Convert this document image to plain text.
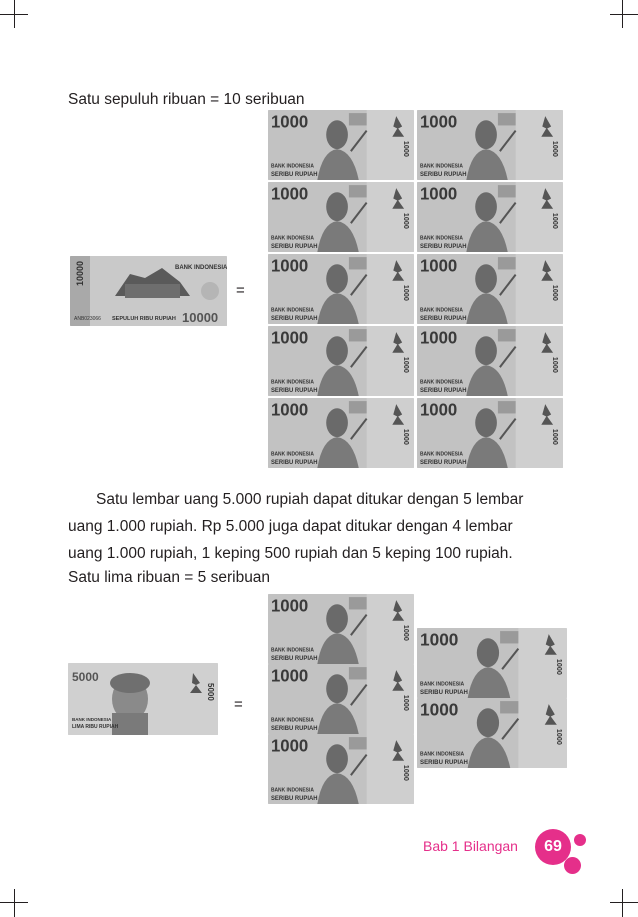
Satu sepuluh ribuan = 10 seribuan
10000	BANK INDONESIA
ANB023066 SEPULUH RIBU RUPIAH 10000
=

Satu lembar uang 5.000 rupiah dapat ditukar dengan 5 lembar

uang 1.000 rupiah. Rp 5.000 juga dapat ditukar dengan 4 lembar

uang 1.000 rupiah, 1 keping 500 rupiah dan 5 keping 100 rupiah.

Satu lima ribuan = 5 seribuan
5000
BANK INDONESIA
LIMA RIBU RUPIAH
5000
=
Bab 1 Bilangan	69
1000
BANK INDONESIA
SERIBU RUPIAH
1000
1000
BANK INDONESIA
SERIBU RUPIAH
1000
1000
BANK INDONESIA
SERIBU RUPIAH
1000
1000
BANK INDONESIA
SERIBU RUPIAH
1000
1000
BANK INDONESIA
SERIBU RUPIAH
1000
1000
BANK INDONESIA
SERIBU RUPIAH
1000
1000
BANK INDONESIA
SERIBU RUPIAH
1000
1000
BANK INDONESIA
SERIBU RUPIAH
1000
1000
BANK INDONESIA
SERIBU RUPIAH
1000
1000
BANK INDONESIA
SERIBU RUPIAH
1000
1000
BANK INDONESIA
SERIBU RUPIAH
1000
1000
BANK INDONESIA
SERIBU RUPIAH
1000
1000
BANK INDONESIA
SERIBU RUPIAH
1000
1000
BANK INDONESIA
SERIBU RUPIAH
1000
1000
BANK INDONESIA
SERIBU RUPIAH
1000
